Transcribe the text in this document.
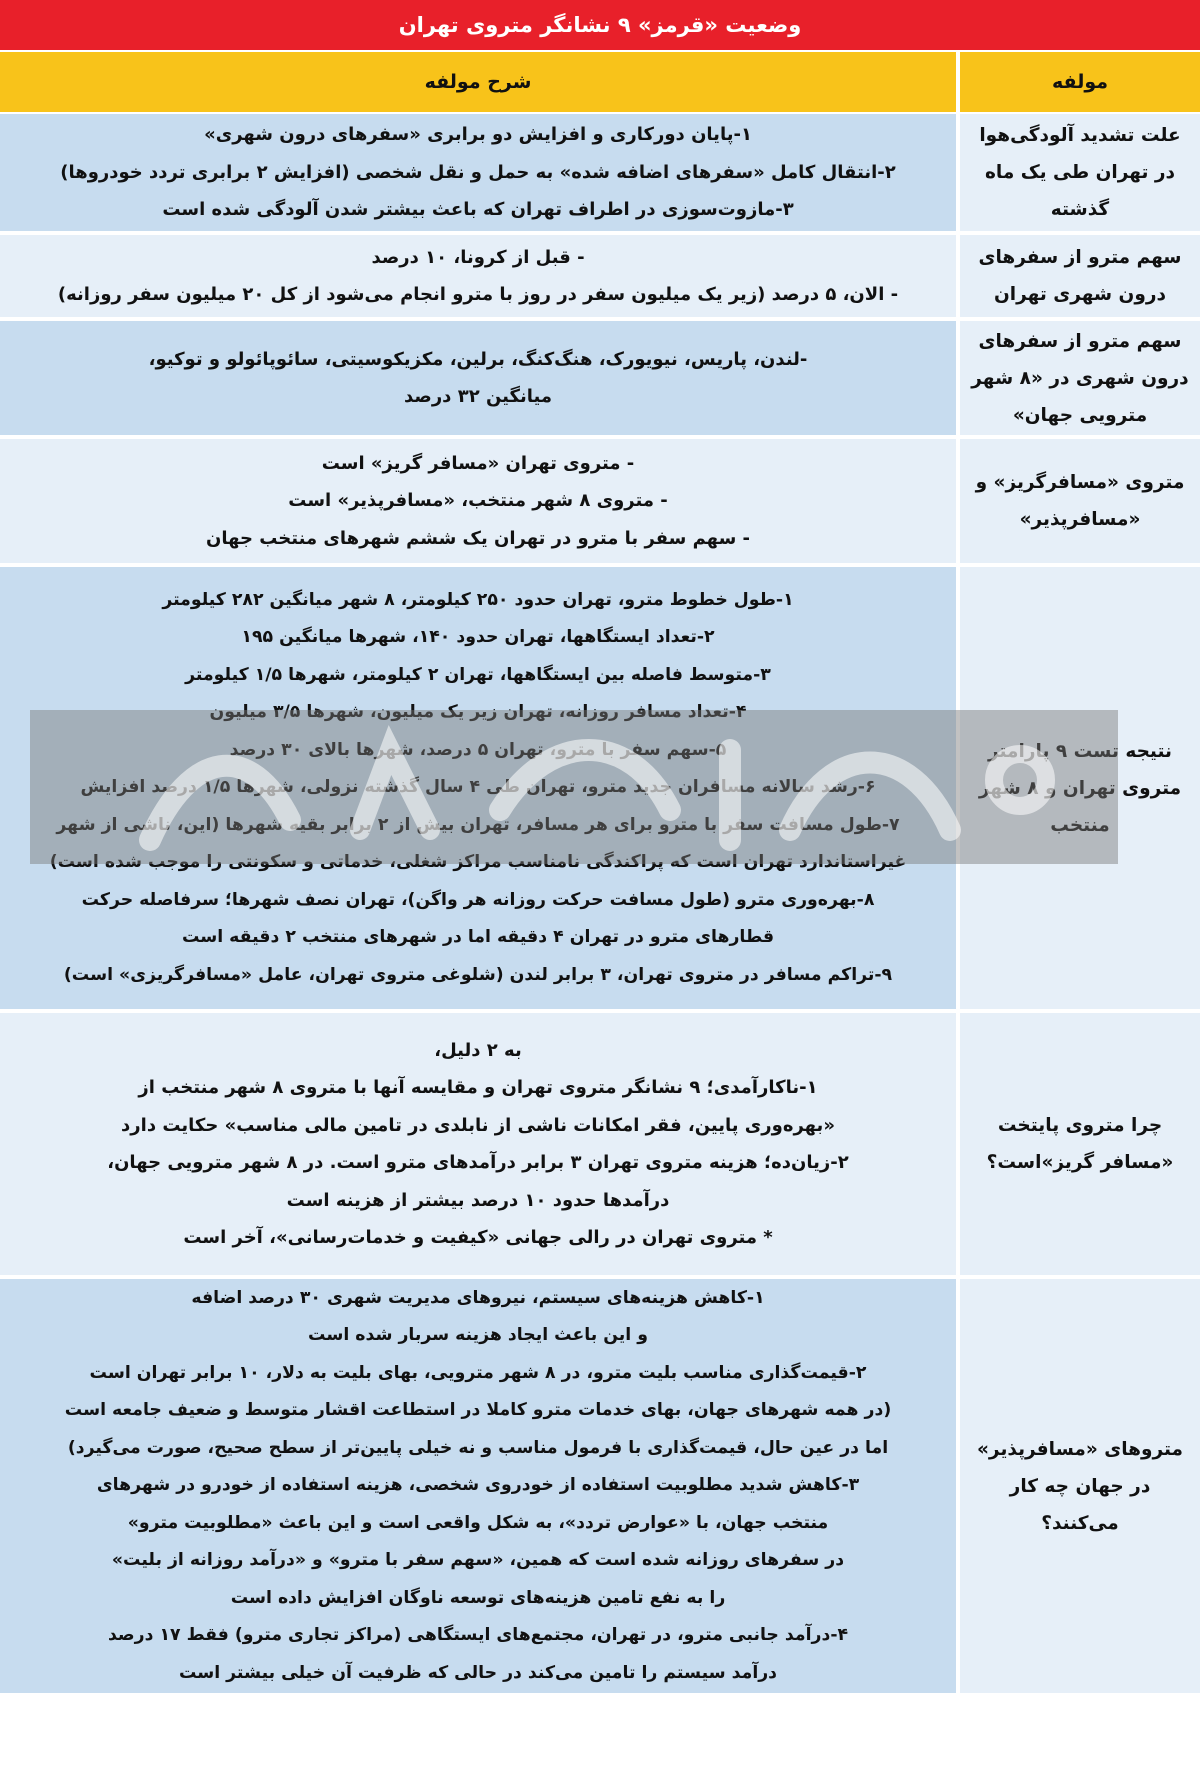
وضعیت «قرمز» ۹ نشانگر متروی تهران
مولفه
شرح مولفه
علت تشدید آلودگی‌هوا در تهران طی یک ماه گذشته
۱-پایان دورکاری و افزایش دو برابری «سفرهای درون شهری»
۲-انتقال کامل «سفرهای اضافه شده» به حمل و نقل شخصی (افزایش ۲ برابری تردد خودروها)
۳-مازوت‌سوزی در اطراف تهران که باعث بیشتر شدن آلودگی شده است
سهم مترو از سفرهای درون شهری تهران
- قبل از کرونا، ۱۰ درصد
- الان، ۵ درصد (زیر یک میلیون سفر در روز با مترو انجام می‌شود از کل ۲۰ میلیون سفر روزانه)
سهم مترو از سفرهای درون شهری در «۸ شهر مترویی جهان»
-لندن، پاریس، نیویورک، هنگ‌کنگ، برلین، مکزیکوسیتی، سائوپائولو و توکیو،
میانگین ۳۲ درصد
متروی «مسافرگریز» و «مسافرپذیر»
- متروی تهران «مسافر گریز» است
- متروی ۸ شهر منتخب، «مسافرپذیر» است
- سهم سفر با مترو در تهران یک ششم شهرهای منتخب جهان
نتیجه تست ۹ پارامتر متروی تهران و ۸ شهر منتخب
۱-طول خطوط مترو، تهران حدود ۲۵۰ کیلومتر، ۸ شهر میانگین ۲۸۲ کیلومتر
۲-تعداد ایستگاهها، تهران حدود ۱۴۰، شهرها میانگین ۱۹۵
۳-متوسط فاصله بین ایستگاهها، تهران ۲ کیلومتر، شهرها ۱/۵ کیلومتر
۴-تعداد مسافر روزانه، تهران زیر یک میلیون، شهرها ۳/۵ میلیون
۵-سهم سفر با مترو، تهران ۵ درصد، شهرها بالای ۳۰ درصد
۶-رشد سالانه مسافران جدید مترو، تهران طی ۴ سال گذشته نزولی، شهرها ۱/۵ درصد افزایش
۷-طول مسافت سفر با مترو برای هر مسافر، تهران بیش از ۲ برابر بقیه شهرها (این، ناشی از شهر
غیراستاندارد تهران است که پراکندگی نامناسب مراکز شغلی، خدماتی و سکونتی را موجب شده است)
۸-بهره‌وری مترو (طول مسافت حرکت روزانه هر واگن)، تهران نصف شهرها؛ سرفاصله حرکت
قطارهای مترو در تهران ۴ دقیقه اما در شهرهای منتخب ۲ دقیقه است
۹-تراکم مسافر در متروی تهران، ۳ برابر لندن (شلوغی متروی تهران، عامل «مسافرگریزی» است)
چرا متروی پایتخت «مسافر گریز»است؟
به ۲ دلیل،
۱-ناکارآمدی؛ ۹ نشانگر متروی تهران و مقایسه آنها با متروی ۸ شهر منتخب از
«بهره‌وری پایین، فقر امکانات ناشی از نابلدی در تامین مالی مناسب» حکایت دارد
۲-زیان‌ده؛ هزینه متروی تهران ۳ برابر درآمدهای مترو است. در ۸ شهر مترویی جهان،
درآمدها حدود ۱۰ درصد بیشتر از هزینه است
* متروی تهران در رالی جهانی «کیفیت و خدمات‌رسانی»، آخر است
متروهای «مسافرپذیر» در جهان چه کار می‌کنند؟
۱-کاهش هزینه‌های سیستم، نیروهای مدیریت شهری ۳۰ درصد اضافه
و این باعث ایجاد هزینه سربار شده است
۲-قیمت‌گذاری مناسب بلیت مترو، در ۸ شهر مترویی، بهای بلیت به دلار، ۱۰ برابر تهران است
(در همه شهرهای جهان، بهای خدمات مترو کاملا در استطاعت اقشار متوسط و ضعیف جامعه است
اما در عین حال، قیمت‌گذاری با فرمول مناسب و نه خیلی پایین‌تر از سطح صحیح، صورت می‌گیرد)
۳-کاهش شدید مطلوبیت استفاده از خودروی شخصی، هزینه استفاده از خودرو در شهرهای
منتخب جهان، با «عوارض تردد»، به شکل واقعی است و این باعث «مطلوبیت مترو»
در سفرهای روزانه شده است که همین، «سهم سفر با مترو» و «درآمد روزانه از بلیت»
را به نفع تامین هزینه‌های توسعه ناوگان افزایش داده است
۴-درآمد جانبی مترو، در تهران، مجتمع‌های ایستگاهی (مراکز تجاری مترو) فقط ۱۷ درصد
درآمد سیستم را تامین می‌کند در حالی که ظرفیت آن خیلی بیشتر است
